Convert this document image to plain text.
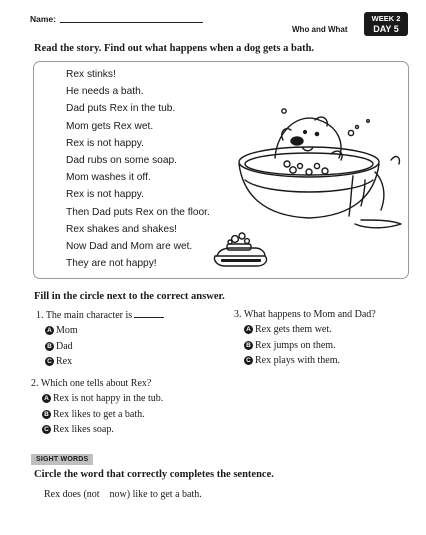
Name:
Who and What
WEEK 2
DAY 5
Read the story. Find out what happens when a dog gets a bath.
Rex stinks!
He needs a bath.
Dad puts Rex in the tub.
Mom gets Rex wet.
Rex is not happy.
Dad rubs on some soap.
Mom washes it off.
Rex is not happy.
Then Dad puts Rex on the floor.
Rex shakes and shakes!
Now Dad and Mom are wet.
They are not happy!
Fill in the circle next to the correct answer.
1. The main character is
A Mom
B Dad
C Rex
2. Which one tells about Rex?
A Rex is not happy in the tub.
B Rex likes to get a bath.
C Rex likes soap.
3. What happens to Mom and Dad?
A Rex gets them wet.
B Rex jumps on them.
C Rex plays with them.
SIGHT WORDS
Circle the word that correctly completes the sentence.
Rex does (not    now) like to get a bath.
